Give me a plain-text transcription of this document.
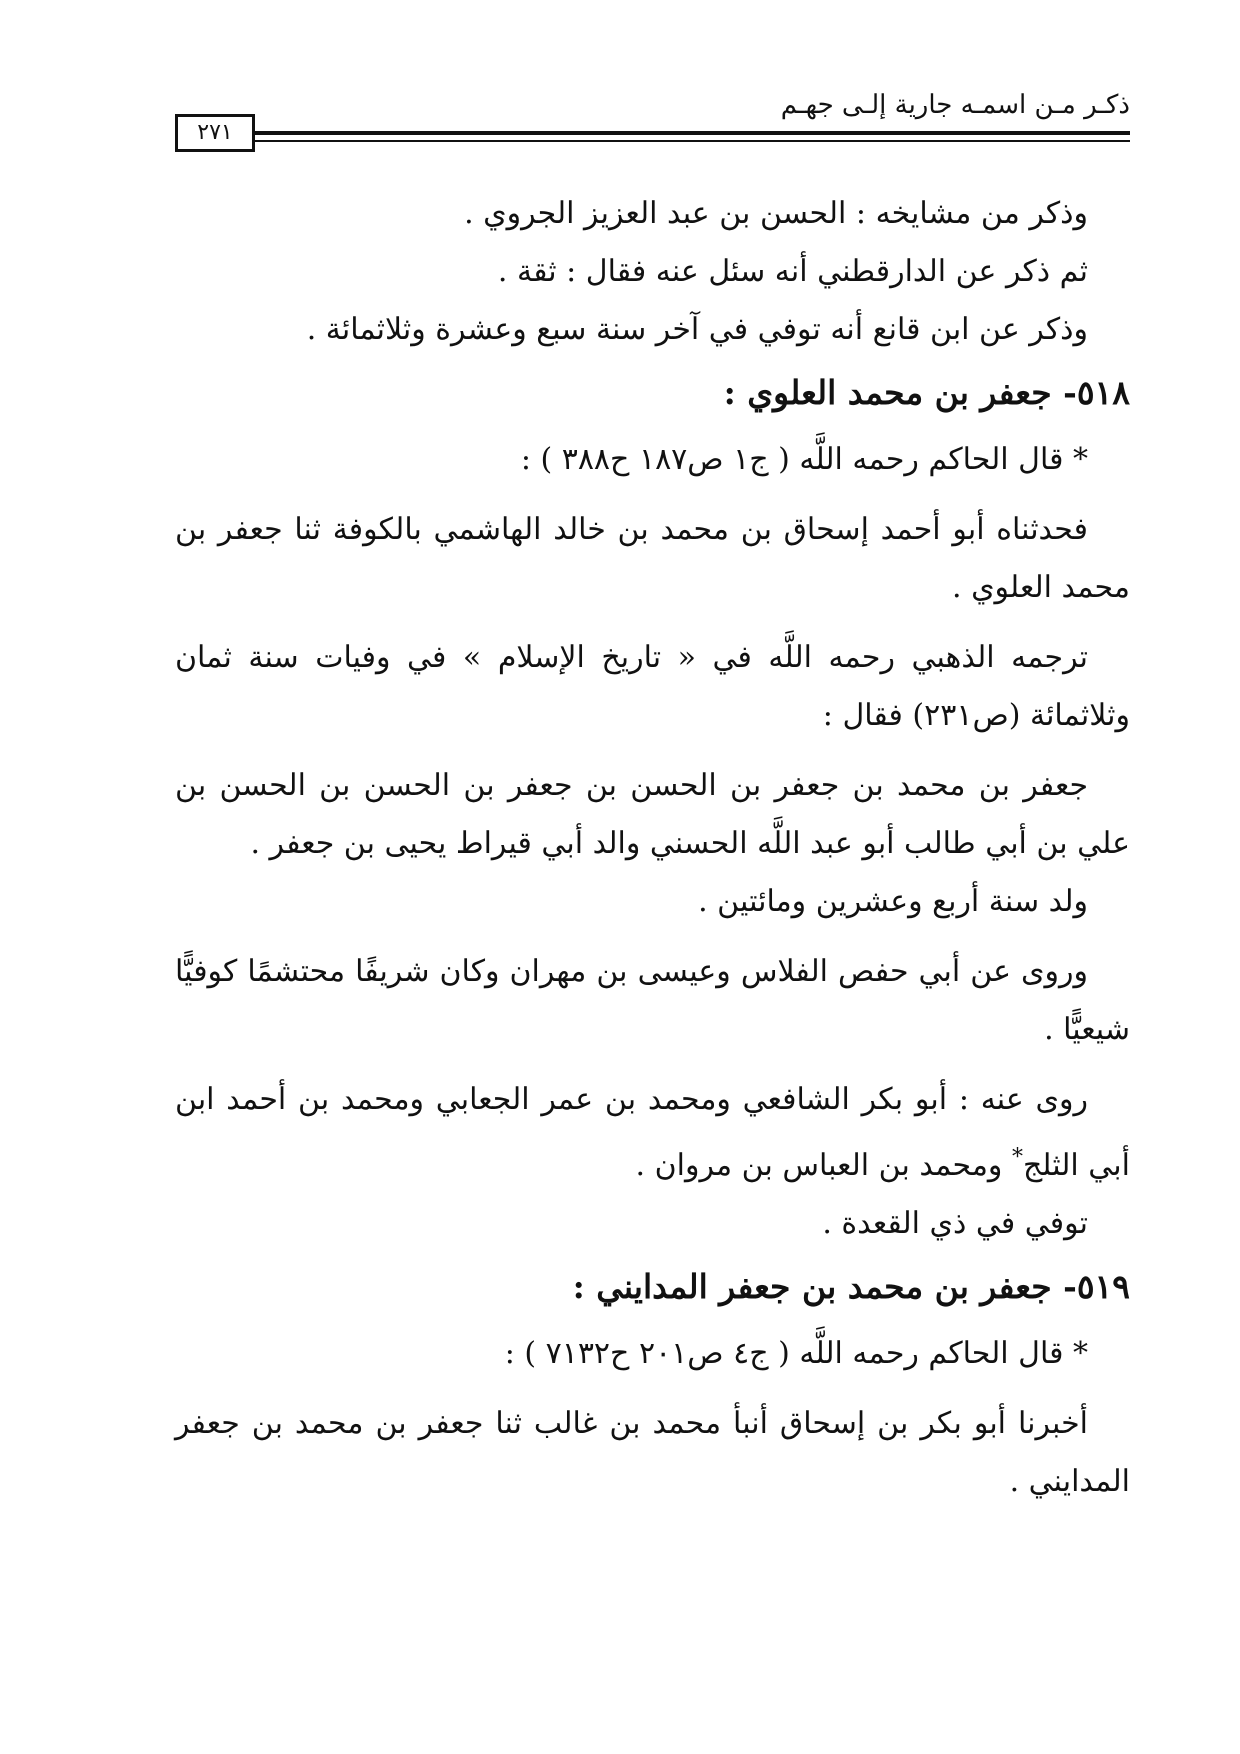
ذكـر مـن اسمـه جارية إلـى جهـم
٢٧١

وذكر من مشايخه : الحسن بن عبد العزيز الجروي .

ثم ذكر عن الدارقطني أنه سئل عنه فقال : ثقة .

وذكر عن ابن قانع أنه توفي في آخر سنة سبع وعشرة وثلاثمائة .

٥١٨- جعفر بن محمد العلوي :

* قال الحاكم رحمه اللَّه ( ج١ ص١٨٧ ح٣٨٨ ) :

فحدثناه أبو أحمد إسحاق بن محمد بن خالد الهاشمي بالكوفة ثنا جعفر بن محمد العلوي .

ترجمه الذهبي رحمه اللَّه في « تاريخ الإسلام » في وفيات سنة ثمان وثلاثمائة (ص٢٣١) فقال :

جعفر بن محمد بن جعفر بن الحسن بن جعفر بن الحسن بن الحسن بن علي بن أبي طالب أبو عبد اللَّه الحسني والد أبي قيراط يحيى بن جعفر .

ولد سنة أربع وعشرين ومائتين .

وروى عن أبي حفص الفلاس وعيسى بن مهران وكان شريفًا محتشمًا كوفيًّا شيعيًّا .

روى عنه : أبو بكر الشافعي ومحمد بن عمر الجعابي ومحمد بن أحمد ابن أبي الثلج* ومحمد بن العباس بن مروان .

توفي في ذي القعدة .

٥١٩- جعفر بن محمد بن جعفر المدايني :

* قال الحاكم رحمه اللَّه ( ج٤ ص٢٠١ ح٧١٣٢ ) :

أخبرنا أبو بكر بن إسحاق أنبأ محمد بن غالب ثنا جعفر بن محمد بن جعفر المدايني .
